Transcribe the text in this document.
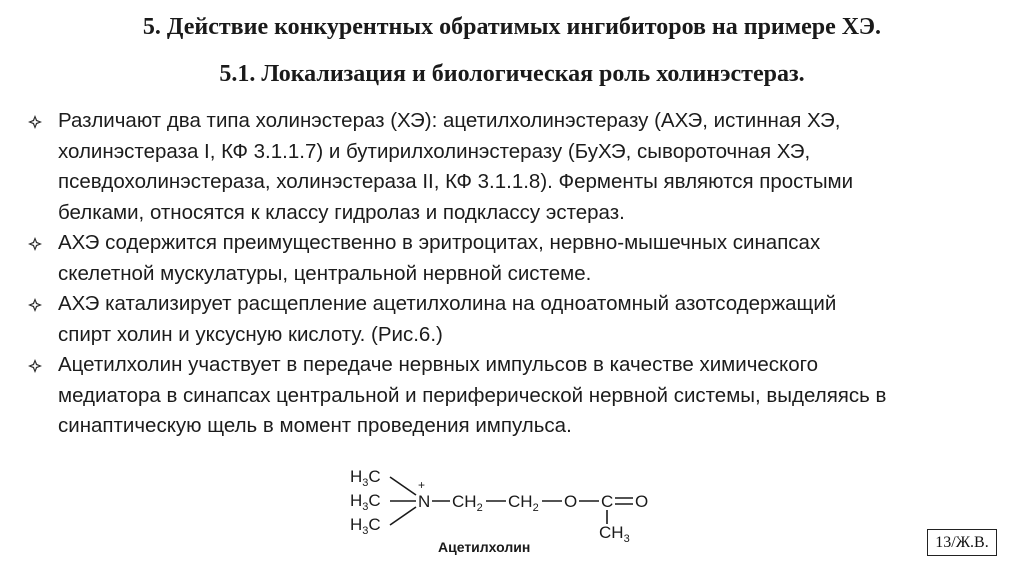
5. Действие конкурентных обратимых ингибиторов на примере ХЭ.
5.1. Локализация и биологическая роль холинэстераз.
Различают два типа холинэстераз (ХЭ): ацетилхолинэстеразу (АХЭ, истинная ХЭ,
холинэстераза I, КФ 3.1.1.7) и бутирилхолинэстеразу (БуХЭ, сывороточная ХЭ,
псевдохолинэстераза, холинэстераза II, КФ 3.1.1.8). Ферменты являются простыми
белками, относятся к классу гидролаз и подклассу эстераз.
АХЭ содержится преимущественно в эритроцитах, нервно-мышечных синапсах
скелетной мускулатуры, центральной нервной системе.
АХЭ катализирует расщепление ацетилхолина на одноатомный азотсодержащий
спирт холин и уксусную кислоту. (Рис.6.)
Ацетилхолин участвует в передаче нервных импульсов в качестве химического
медиатора в синапсах центральной и периферической нервной системы, выделяясь в
синаптическую щель в момент проведения импульса.
$H_3C$
$H_3C$
$H_3C$
+
N $CH_2$ $CH_2$ O C O
$CH_3$
Ацетилхолин	13/Ж.В.
